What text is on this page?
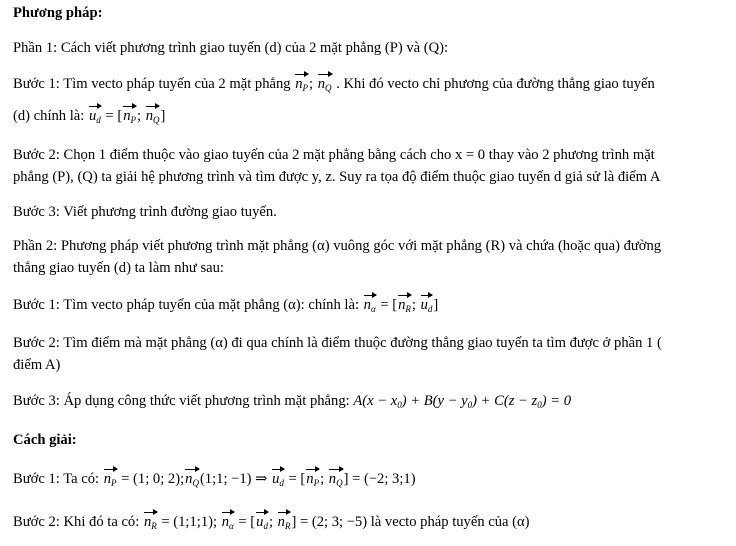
Phương pháp:
Phần 1: Cách viết phương trình giao tuyến (d) của 2 mặt phẳng (P) và (Q):
Bước 1: Tìm vecto pháp tuyến của 2 mặt phẳng $n_P$; $n_Q$ . Khi đó vecto chỉ phương của đường thẳng giao tuyến
(d) chính là: $u_d = [n_P$; $n_Q$]
Bước 2: Chọn 1 điểm thuộc vào giao tuyến của 2 mặt phẳng bằng cách cho x = 0 thay vào 2 phương trình mặt
phẳng (P), (Q) ta giải hệ phương trình và tìm được y, z. Suy ra tọa độ điểm thuộc giao tuyến d giả sử là điểm A
Bước 3: Viết phương trình đường giao tuyến.
Phần 2: Phương pháp viết phương trình mặt phẳng (α) vuông góc với mặt phẳng (R) và chứa (hoặc qua) đường
thẳng giao tuyến (d) ta làm như sau:
Bước 1: Tìm vecto pháp tuyến của mặt phẳng (α): chính là: $n_\alpha = [n_R$; $u_d$]
Bước 2: Tìm điểm mà mặt phẳng (α) đi qua chính là điểm thuộc đường thẳng giao tuyến ta tìm được ở phần 1 (
điểm A)
Bước 3: Áp dụng công thức viết phương trình mặt phẳng: $A(x - x_0) + B(y - y_0) + C(z - z_0) = 0$
Cách giải:
Bước 1: Ta có: $n_P = (1$; 0; $2);n_Q(1;1$; −1) ⇒ $u_d = [n_P$; $n_Q] = (-2$; 3;1)
Bước 2: Khi đó ta có: $n_R$ = (1;1;1); $n_\alpha = [u_d$; $n_R] = (2$; 3; −5) là vecto pháp tuyến của (α)
